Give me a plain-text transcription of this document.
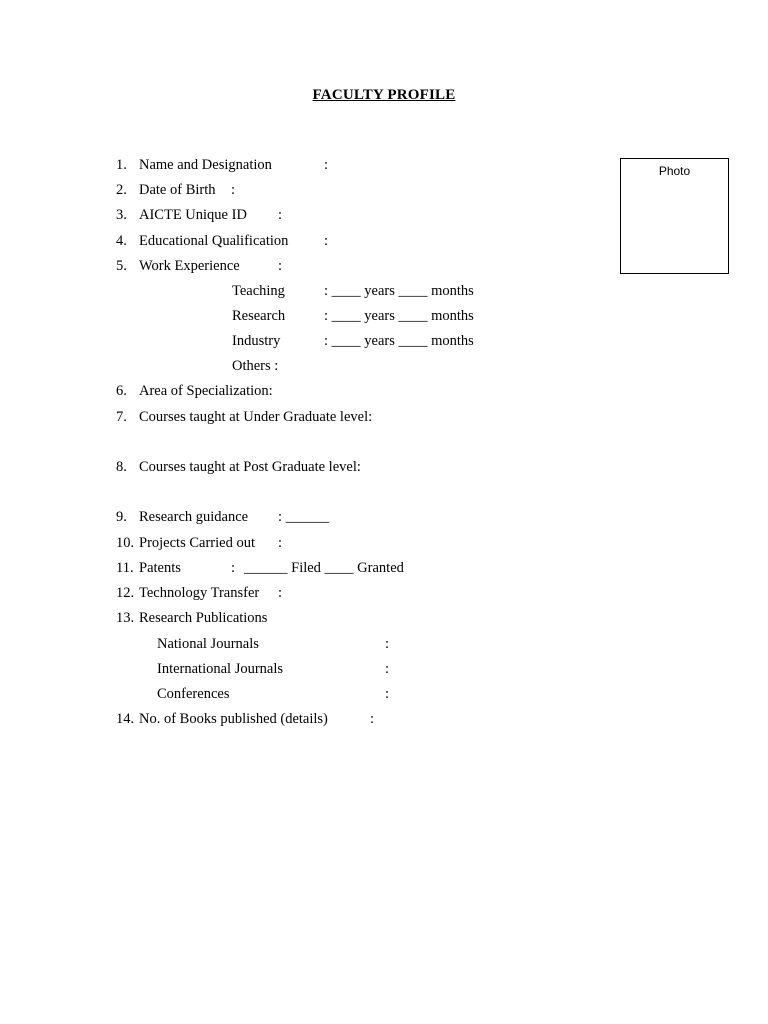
FACULTY PROFILE
Photo
1. Name and Designation	:
2. Date of Birth :
3. AICTE Unique ID :
4. Educational Qualification :
5. Work Experience	:
Teaching	: ____ years ____ months
Research	: ____ years ____ months
Industry	: ____ years ____ months
Others :
6. Area of Specialization:
7. Courses taught at Under Graduate level:
8. Courses taught at Post Graduate level:
9. Research guidance : ______
10. Projects Carried out :
11. Patents	: ______ Filed ____ Granted
12. Technology Transfer :
13. Research Publications
National Journals	:
International Journals	:
Conferences	:
14. No. of Books published (details)	:
